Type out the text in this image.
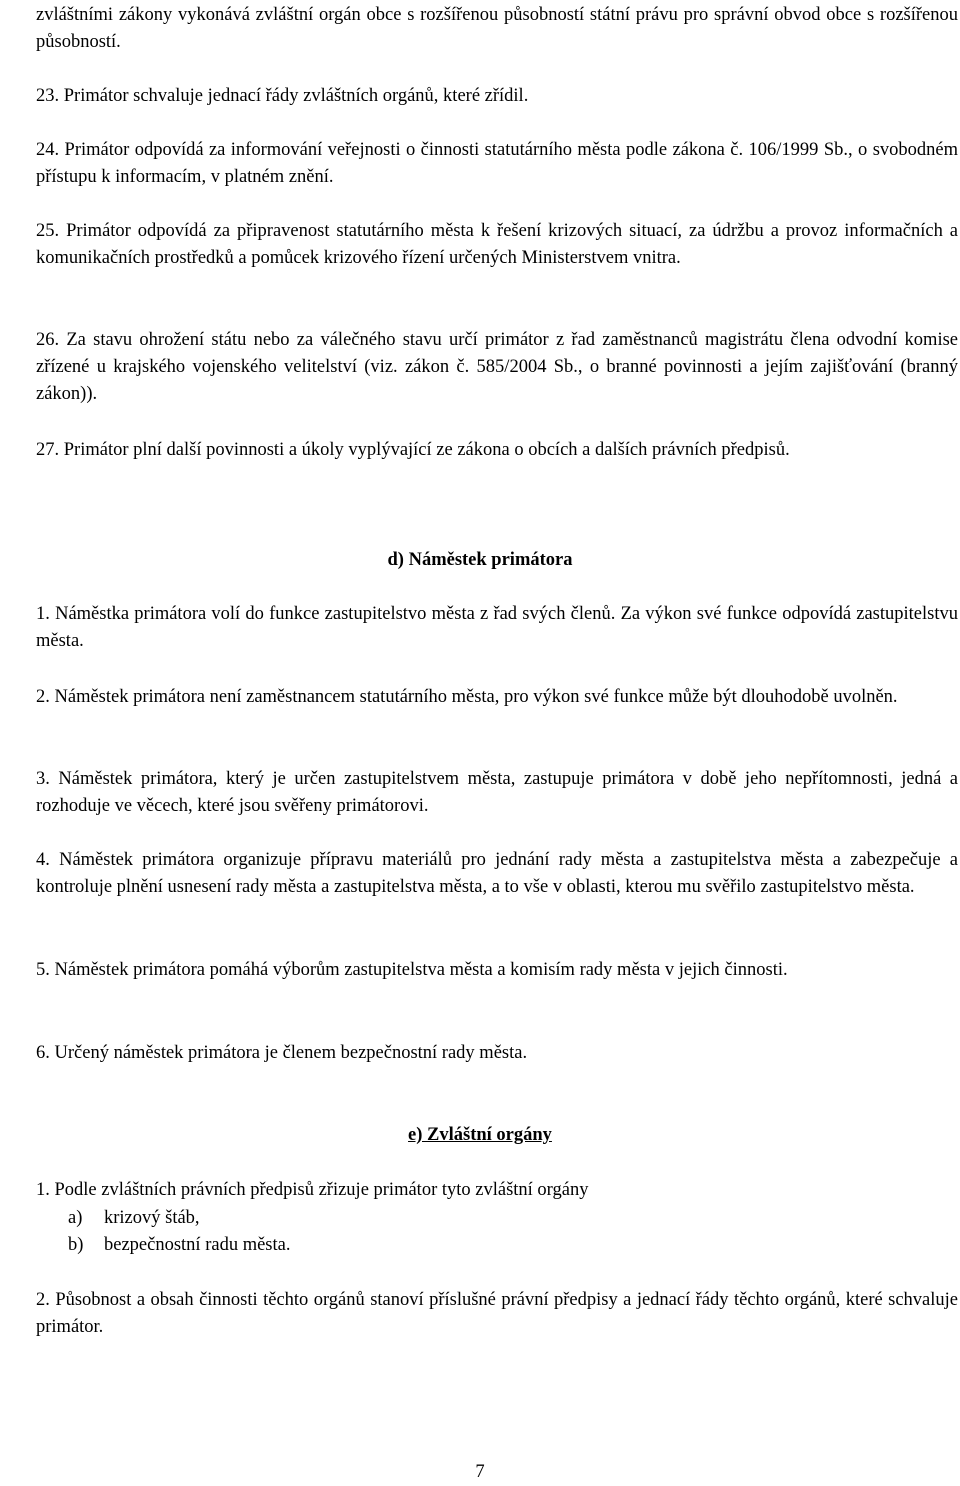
zvláštními zákony vykonává zvláštní orgán obce s rozšířenou působností státní právu pro správní obvod obce s rozšířenou působností.

23. Primátor schvaluje jednací řády zvláštních orgánů, které zřídil.

24. Primátor odpovídá za informování veřejnosti o činnosti statutárního města podle zákona č. 106/1999 Sb., o svobodném přístupu k informacím, v platném znění.

25. Primátor odpovídá za připravenost statutárního města k řešení krizových situací, za údržbu a provoz informačních a komunikačních prostředků a pomůcek krizového řízení určených Ministerstvem vnitra.

26. Za stavu ohrožení státu nebo za válečného stavu určí primátor z řad zaměstnanců magistrátu člena odvodní komise zřízené u krajského vojenského velitelství (viz. zákon č. 585/2004 Sb., o branné povinnosti a jejím zajišťování (branný zákon)).

27. Primátor plní další povinnosti a úkoly vyplývající ze zákona o obcích a dalších právních předpisů.

d) Náměstek primátora

1. Náměstka primátora volí do funkce zastupitelstvo města z řad svých členů. Za výkon své funkce odpovídá zastupitelstvu města.

2. Náměstek primátora není zaměstnancem statutárního města, pro výkon své funkce může být dlouhodobě uvolněn.

3. Náměstek primátora, který je určen zastupitelstvem města, zastupuje primátora v době jeho nepřítomnosti, jedná a rozhoduje ve věcech, které jsou svěřeny primátorovi.

4. Náměstek primátora organizuje přípravu materiálů pro jednání rady města a zastupitelstva města a zabezpečuje a kontroluje plnění usnesení rady města a zastupitelstva města, a to vše v oblasti, kterou mu svěřilo zastupitelstvo města.

5. Náměstek primátora pomáhá výborům zastupitelstva města a komisím rady města v jejich činnosti.

6. Určený náměstek primátora je členem bezpečnostní rady města.

e) Zvláštní orgány

1. Podle zvláštních právních předpisů zřizuje primátor tyto zvláštní orgány

a) krizový štáb,

b) bezpečnostní radu města.

2. Působnost a obsah činnosti těchto orgánů stanoví příslušné právní předpisy a jednací řády těchto orgánů, které schvaluje primátor.

7
